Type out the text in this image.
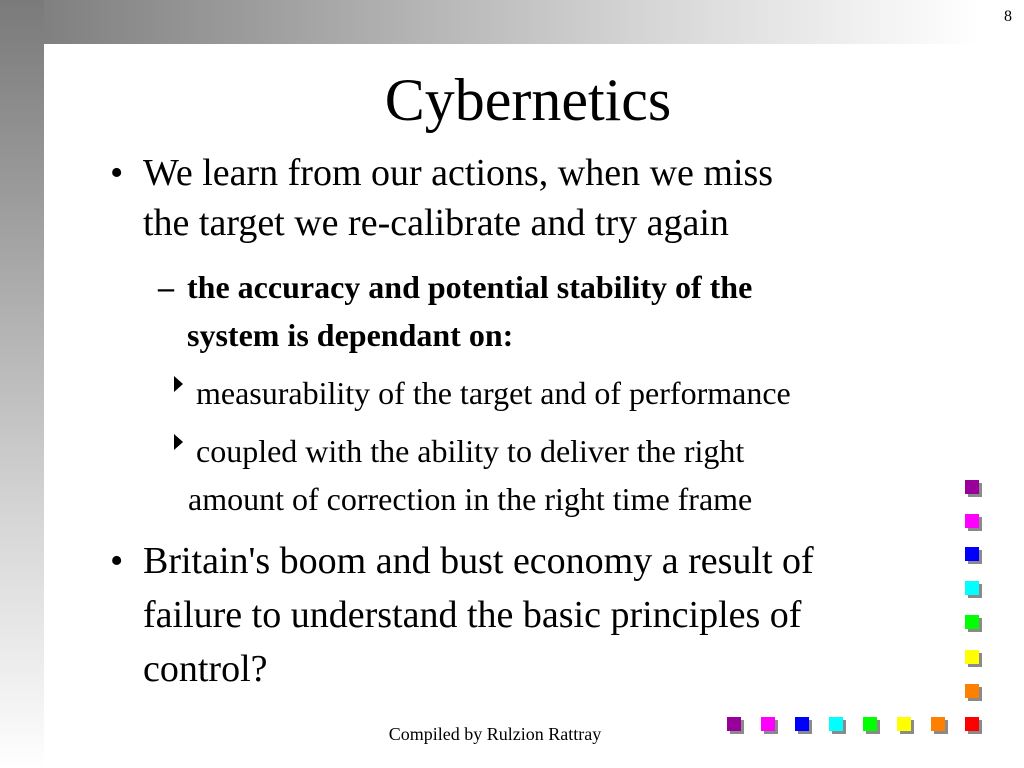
8
Cybernetics
• We learn from our actions, when we miss
the target we re-calibrate and try again
– the accuracy and potential stability of the
system is dependant on:
measurability of the target and of performance
coupled with the ability to deliver the right
amount of correction in the right time frame
• Britain's boom and bust economy a result of
failure to understand the basic principles of
control?
Compiled by Rulzion Rattray
